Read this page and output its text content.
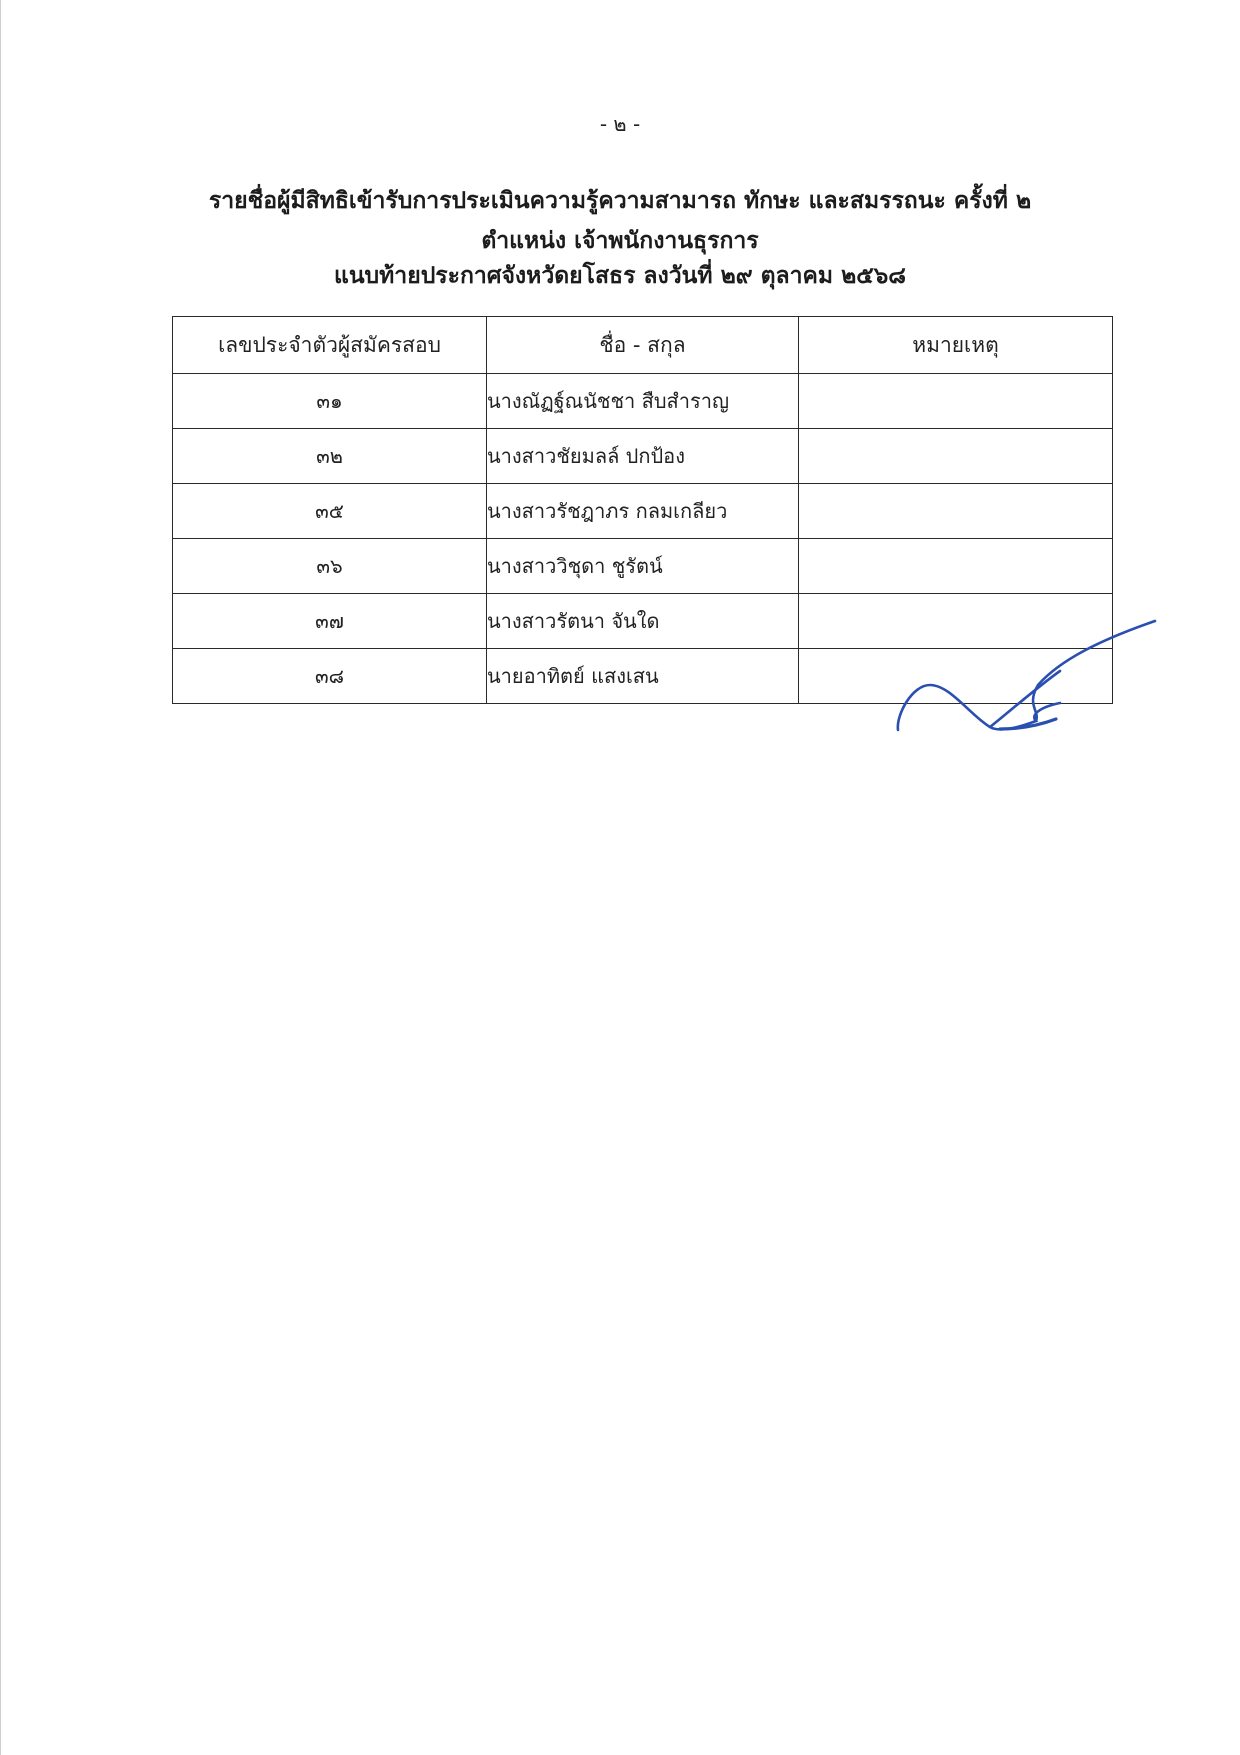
- ๒ -
รายชื่อผู้มีสิทธิเข้ารับการประเมินความรู้ความสามารถ ทักษะ และสมรรถนะ ครั้งที่ ๒
ตำแหน่ง เจ้าพนักงานธุรการ
แนบท้ายประกาศจังหวัดยโสธร ลงวันที่ ๒๙ ตุลาคม ๒๕๖๘
เลขประจำตัวผู้สมัครสอบ	ชื่อ - สกุล	หมายเหตุ
๓๑	นางณัฏฐ์ณนัชชา สืบสำราญ	
๓๒	นางสาวชัยมลล์ ปกป้อง	
๓๕	นางสาวรัชฎาภร กลมเกลียว	
๓๖	นางสาววิชุดา ชูรัตน์	
๓๗	นางสาวรัตนา จันใด	
๓๘	นายอาทิตย์ แสงเสน	
